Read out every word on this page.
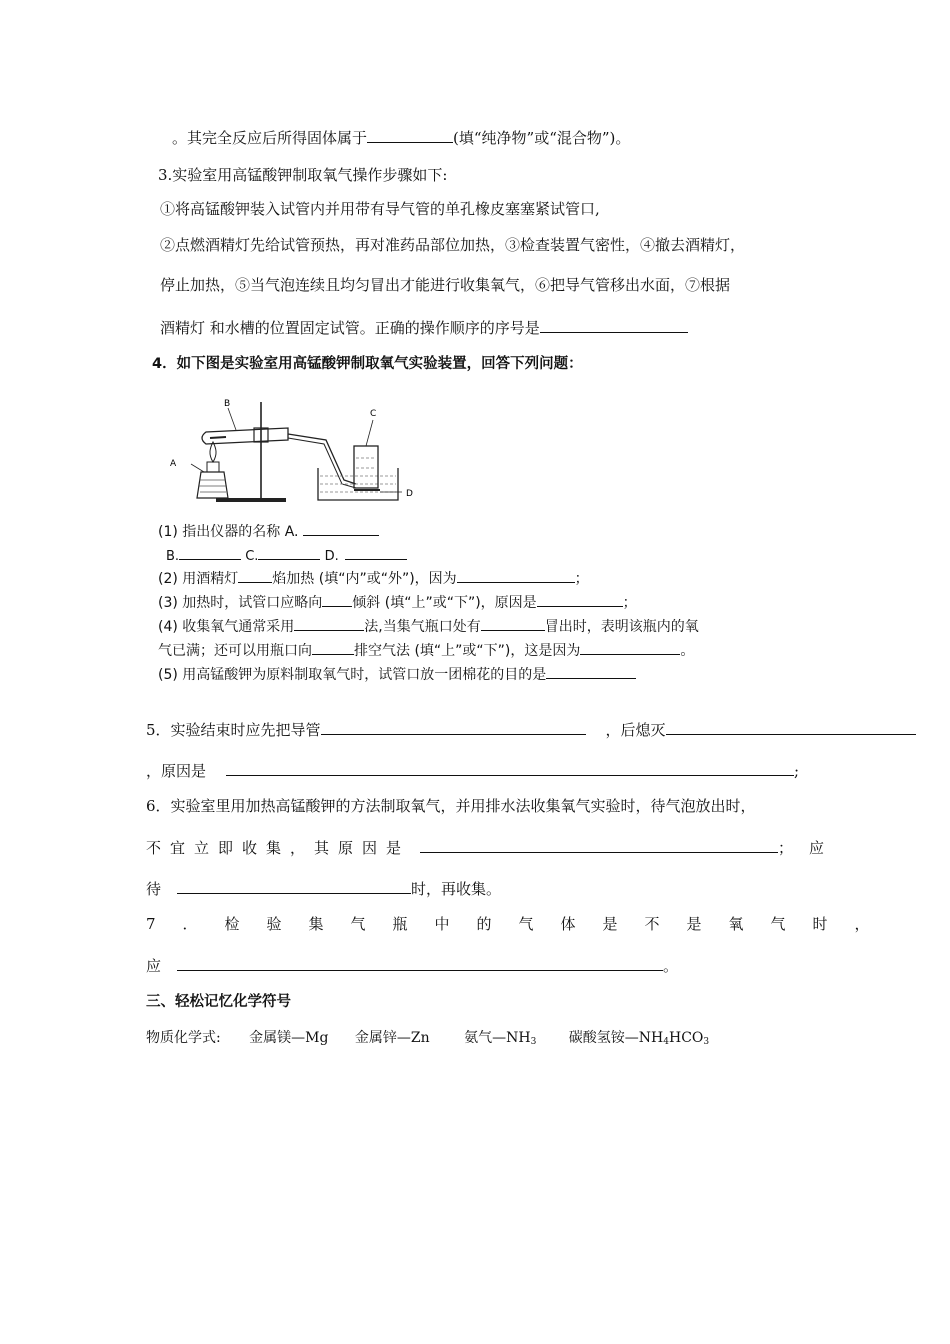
。其完全反应后所得固体属于	(填“纯净物”或“混合物”)。
3.实验室用高锰酸钾制取氧气操作步骤如下:
①将高锰酸钾装入试管内并用带有导气管的单孔橡皮塞塞紧试管口,
②点燃酒精灯先给试管预热，再对准药品部位加热，③检查装置气密性，④撤去酒精灯，
停止加热，⑤当气泡连续且均匀冒出才能进行收集氧气，⑥把导气管移出水面，⑦根据
酒精灯 和水槽的位置固定试管。正确的操作顺序的序号是
4．如下图是实验室用高锰酸钾制取氧气实验装置，回答下列问题：
A
B
C
D
(1) 指出仪器的名称 A.
B.	C.	D.
(2) 用酒精灯 焰加热 (填“内”或“外”)，因为	；
(3) 加热时，试管口应略向 倾斜 (填“上”或“下”)，原因是	；
(4) 收集氧气通常采用	法,当集气瓶口处有	冒出时，表明该瓶内的氧
气已满；还可以用瓶口向	排空气法 (填“上”或“下”)，这是因为	。
(5) 用高锰酸钾为原料制取氧气时，试管口放一团棉花的目的是
5．实验结束时应先把导管	，后熄灭
，原因是	;
6．实验室里用加热高锰酸钾的方法制取氧气，并用排水法收集氧气实验时，待气泡放出时，
不宜立即收集，其原因是	；应
待	时，再收集。
7．检验集气瓶中的气体是不是氧气时，
应	。
三、轻松记忆化学符号
物质化学式: 金属镁—Mg 金属锌—Zn 氨气$—NH_3$ 碳酸氢铵$—NH_4HCO_3$
